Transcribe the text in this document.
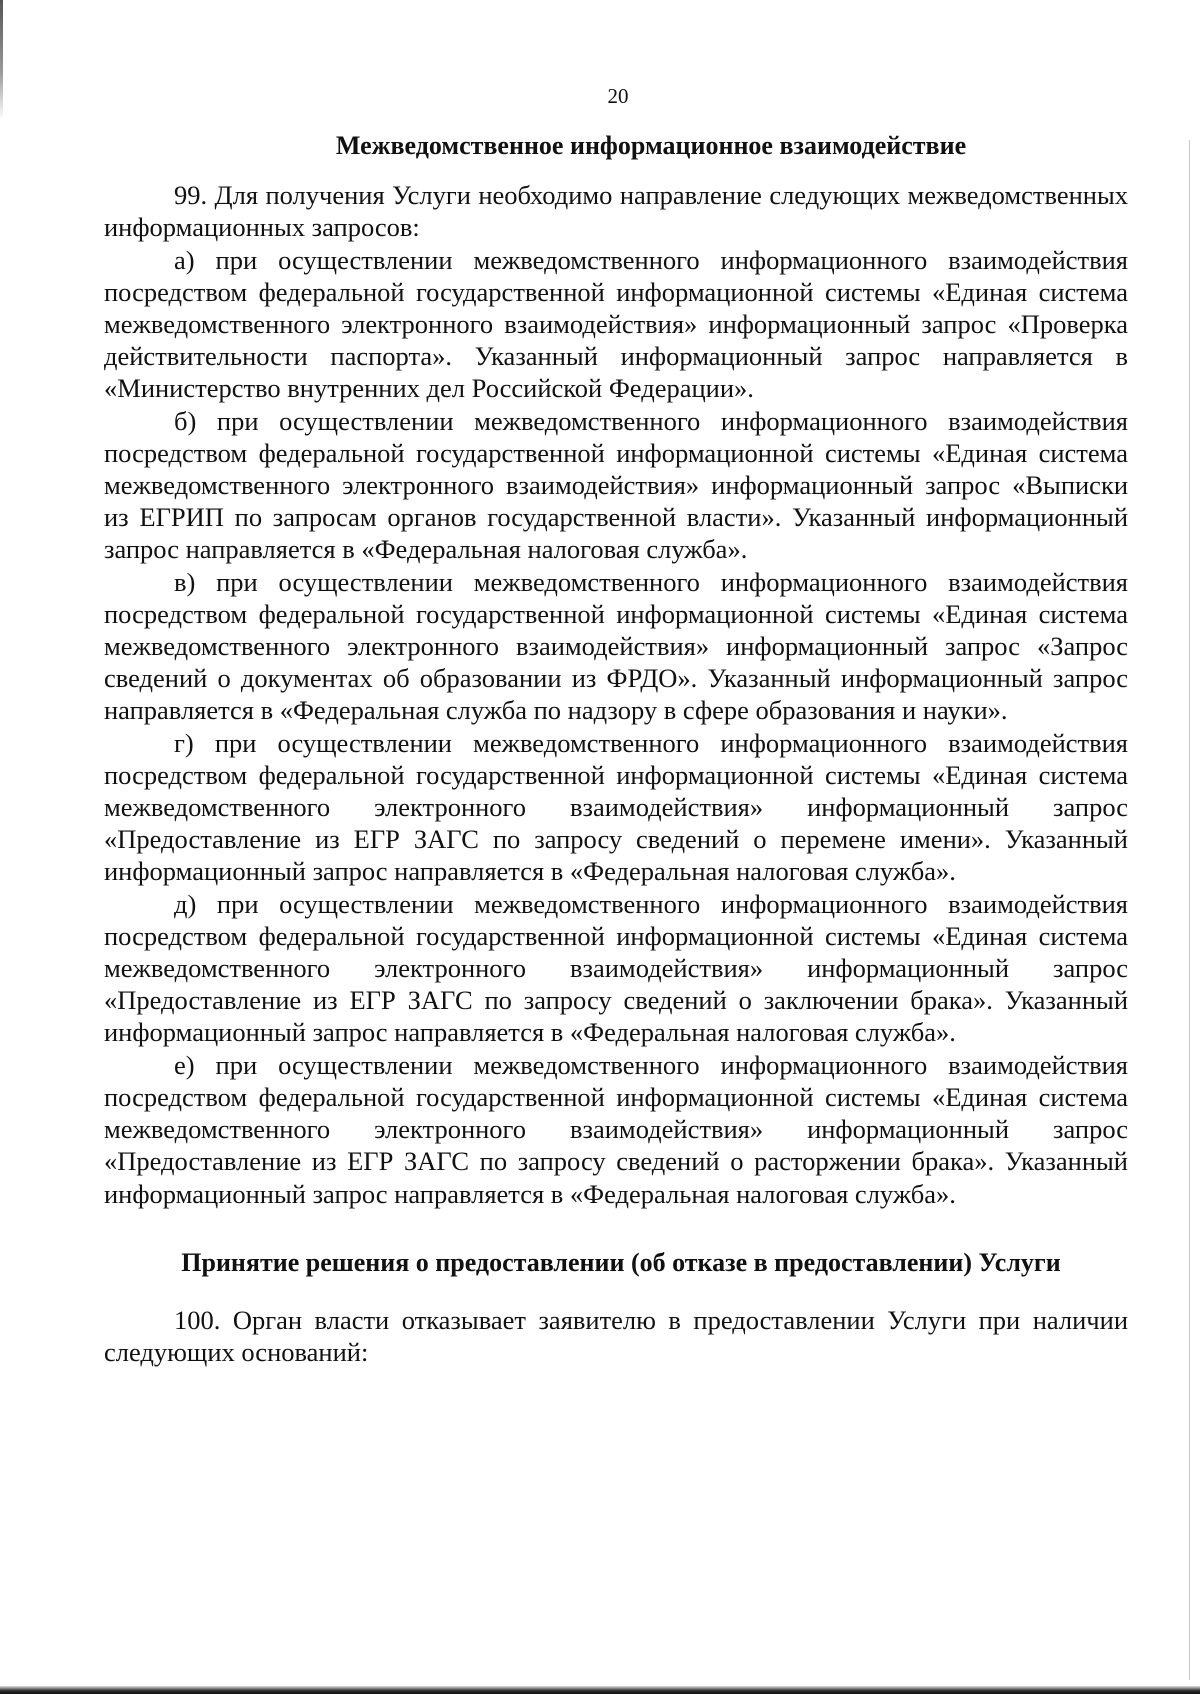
20
Межведомственное информационное взаимодействие

99. Для получения Услуги необходимо направление следующих межведомственных информационных запросов:

а) при осуществлении межведомственного информационного взаимодействия посредством федеральной государственной информационной системы «Единая система межведомственного электронного взаимодействия» информационный запрос «Проверка действительности паспорта». Указанный информационный запрос направляется в «Министерство внутренних дел Российской Федерации».

б) при осуществлении межведомственного информационного взаимодействия посредством федеральной государственной информационной системы «Единая система межведомственного электронного взаимодействия» информационный запрос «Выписки из ЕГРИП по запросам органов государственной власти». Указанный информационный запрос направляется в «Федеральная налоговая служба».

в) при осуществлении межведомственного информационного взаимодействия посредством федеральной государственной информационной системы «Единая система межведомственного электронного взаимодействия» информационный запрос «Запрос сведений о документах об образовании из ФРДО». Указанный информационный запрос направляется в «Федеральная служба по надзору в сфере образования и науки».

г) при осуществлении межведомственного информационного взаимодействия посредством федеральной государственной информационной системы «Единая система межведомственного электронного взаимодействия» информационный запрос «Предоставление из ЕГР ЗАГС по запросу сведений о перемене имени». Указанный информационный запрос направляется в «Федеральная налоговая служба».

д) при осуществлении межведомственного информационного взаимодействия посредством федеральной государственной информационной системы «Единая система межведомственного электронного взаимодействия» информационный запрос «Предоставление из ЕГР ЗАГС по запросу сведений о заключении брака». Указанный информационный запрос направляется в «Федеральная налоговая служба».

е) при осуществлении межведомственного информационного взаимодействия посредством федеральной государственной информационной системы «Единая система межведомственного электронного взаимодействия» информационный запрос «Предоставление из ЕГР ЗАГС по запросу сведений о расторжении брака». Указанный информационный запрос направляется в «Федеральная налоговая служба».

Принятие решения о предоставлении (об отказе в предоставлении) Услуги

100. Орган власти отказывает заявителю в предоставлении Услуги при наличии следующих оснований:
